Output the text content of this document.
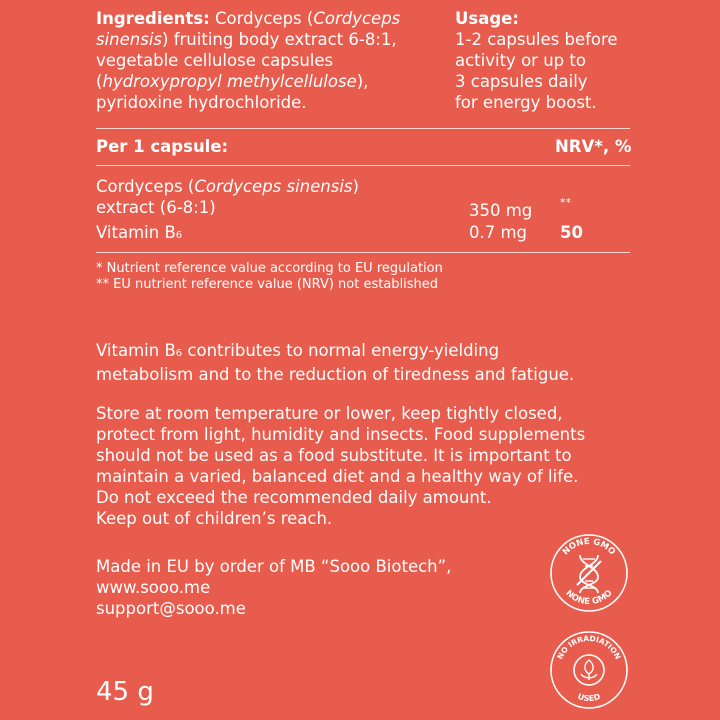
Ingredients: Cordyceps (Cordyceps
sinensis) fruiting body extract 6-8:1,
vegetable cellulose capsules
(hydroxypropyl methylcellulose),
pyridoxine hydrochloride.
Usage:
1-2 capsules before
activity or up to
3 capsules daily
for energy boost.
Per 1 capsule:	NRV*, %
Cordyceps (Cordyceps sinensis)
extract (6-8:1)	350 mg	**
Vitamin B6	0.7 mg 50
* Nutrient reference value according to EU regulation
** EU nutrient reference value (NRV) not established
Vitamin B6 contributes to normal energy-yielding
metabolism and to the reduction of tiredness and fatigue.
Store at room temperature or lower, keep tightly closed,
protect from light, humidity and insects. Food supplements
should not be used as a food substitute. It is important to
maintain a varied, balanced diet and a healthy way of life.
Do not exceed the recommended daily amount.
Keep out of children’s reach.
Made in EU by order of MB “Sooo Biotech”,
www.sooo.me
support@sooo.me
45 g
NONE GMO
NONE GMO
NO IRRADIATION
USED
